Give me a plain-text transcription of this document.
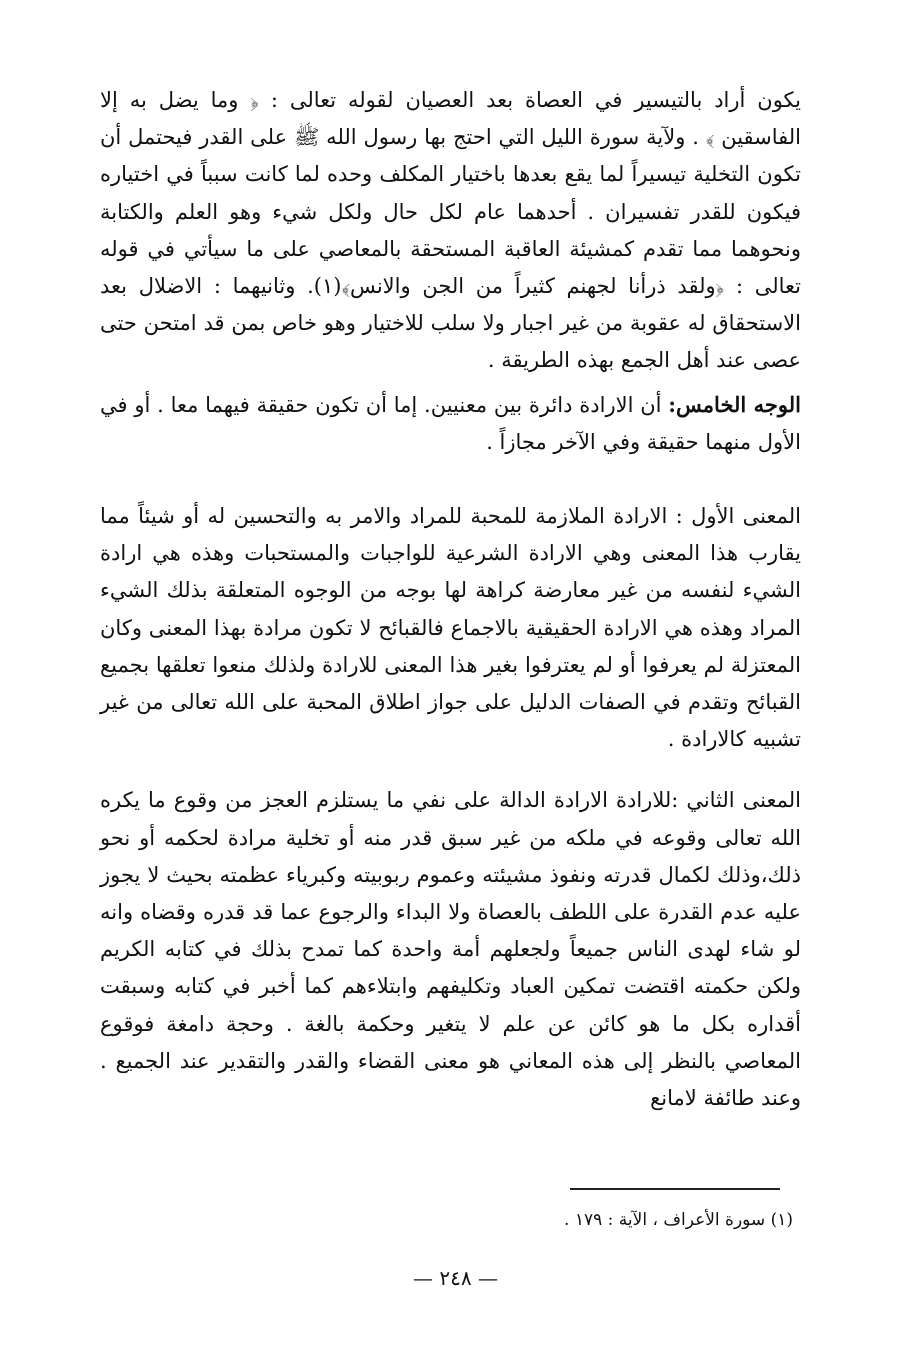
يكون أراد بالتيسير في العصاة بعد العصيان لقوله تعالى : ﴿ وما يضل به إلا الفاسقين ﴾ . ولآية سورة الليل التي احتج بها رسول الله ﷺ على القدر فيحتمل أن تكون التخلية تيسيراً لما يقع بعدها باختيار المكلف وحده لما كانت سبباً في اختياره فيكون للقدر تفسيران . أحدهما عام لكل حال ولكل شيء وهو العلم والكتابة ونحوهما مما تقدم كمشيئة العاقبة المستحقة بالمعاصي على ما سيأتي في قوله تعالى : ﴿ولقد ذرأنا لجهنم كثيراً من الجن والانس﴾(١). وثانيهما : الاضلال بعد الاستحقاق له عقوبة من غير اجبار ولا سلب للاختيار وهو خاص بمن قد امتحن حتى عصى عند أهل الجمع بهذه الطريقة .

الوجه الخامس: أن الارادة دائرة بين معنيين. إما أن تكون حقيقة فيهما معا . أو في الأول منهما حقيقة وفي الآخر مجازاً .

المعنى الأول : الارادة الملازمة للمحبة للمراد والامر به والتحسين له أو شيئاً مما يقارب هذا المعنى وهي الارادة الشرعية للواجبات والمستحبات وهذه هي ارادة الشيء لنفسه من غير معارضة كراهة لها بوجه من الوجوه المتعلقة بذلك الشيء المراد وهذه هي الارادة الحقيقية بالاجماع فالقبائح لا تكون مرادة بهذا المعنى وكان المعتزلة لم يعرفوا أو لم يعترفوا بغير هذا المعنى للارادة ولذلك منعوا تعلقها بجميع القبائح وتقدم في الصفات الدليل على جواز اطلاق المحبة على الله تعالى من غير تشبيه كالارادة .

المعنى الثاني :للارادة الارادة الدالة على نفي ما يستلزم العجز من وقوع ما يكره الله تعالى وقوعه في ملكه من غير سبق قدر منه أو تخلية مرادة لحكمه أو نحو ذلك،وذلك لكمال قدرته ونفوذ مشيئته وعموم ربوبيته وكبرياء عظمته بحيث لا يجوز عليه عدم القدرة على اللطف بالعصاة ولا البداء والرجوع عما قد قدره وقضاه وانه لو شاء لهدى الناس جميعاً ولجعلهم أمة واحدة كما تمدح بذلك في كتابه الكريم ولكن حكمته اقتضت تمكين العباد وتكليفهم وابتلاءهم كما أخبر في كتابه وسبقت أقداره بكل ما هو كائن عن علم لا يتغير وحكمة بالغة . وحجة دامغة فوقوع المعاصي بالنظر إلى هذه المعاني هو معنى القضاء والقدر والتقدير عند الجميع . وعند طائفة لامانع

(١) سورة الأعراف ، الآية : ١٧٩ .
— ٢٤٨ —
